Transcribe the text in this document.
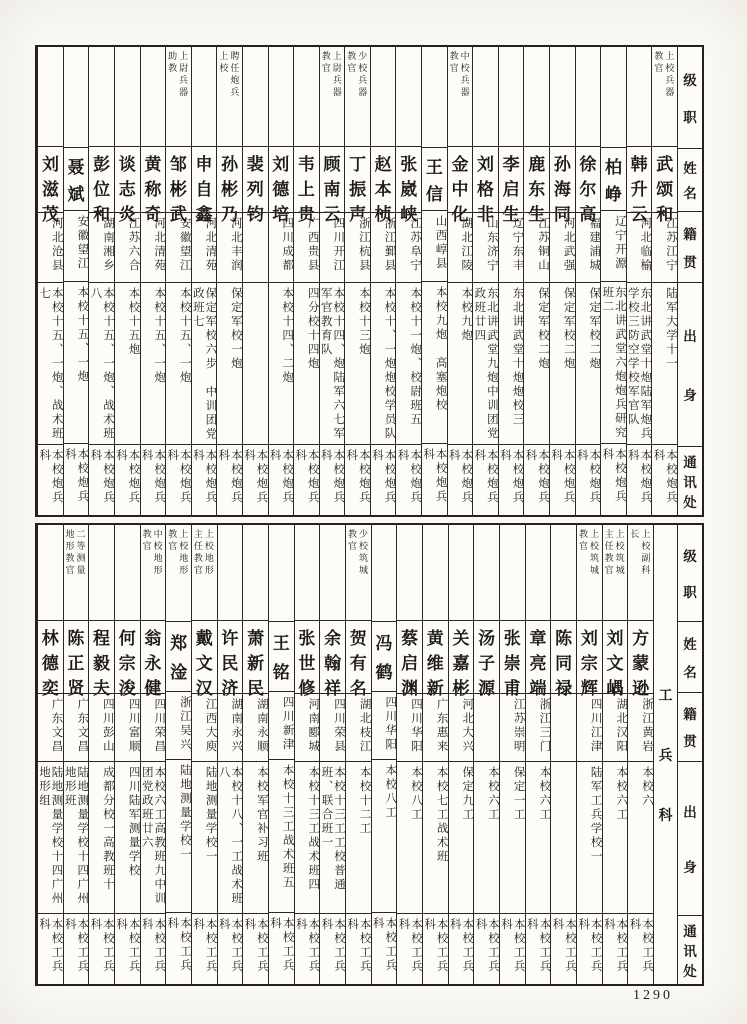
级
职
姓
名
籍
贯
出
身
通
讯
处
上校兵器教官
武
颂
和
江苏江宁
陆军大学十一
本校炮兵科
韩
升
云
河北临榆
东北讲武堂十炮陆军炮兵学校三防空学校军官队
本校炮兵科
柏
峥
辽宁开源
东北讲武堂六炮炮兵研究班二
本校炮兵科
徐
尔
高
福建浦城
保定军校二炮
本校炮兵科
孙
海
同
河北武强
保定军校二炮
本校炮兵科
鹿
东
生
江苏铜山
保定军校二炮
本校炮兵科
李
启
生
辽宁东丰
东北讲武堂十炮炮校三
本校炮兵科
刘
格
非
山东济宁
东北讲武堂九炮中训团党政班廿四
本校炮兵科
中校兵器教官
金
中
化
湖北江陵
本校九炮
本校炮兵科
王
信
山西崞县
本校九炮 高塞炮校
本校炮兵科
张
崴
峡
江苏阜宁
本校十一炮、校尉班五
本校炮兵科
赵
本
桢
浙江鄞县
本校十、一炮炮校学员队
本校炮兵科
少校兵器教官
丁
振
声
浙江杭县
本校十三炮
本校炮兵科
上尉兵器教官
顾
南
云
四川开江
本校十四、炮陆军六七军军官教育队
本校炮兵科
韦
上
贵
广西贵县
四分校十四炮
本校炮兵科
刘
德
培
四川成都
本校十四、二炮
本校炮兵科
裴
列
钧
本校炮兵科
聘任炮兵上校
孙
彬
乃
河北丰润
保定军校一炮
本校炮兵科
申
自
鑫
河北清苑
保定军校六步 中训团党政班七
本校炮兵科
上尉兵器助教
邹
彬
武
安徽望江
本校十五、一炮
本校炮兵科
黄
称
奇
河北清苑
本校十五、一炮
本校炮兵科
谈
志
炎
江苏六合
本校十五炮
本校炮兵科
彭
位
和
湖南湘乡
本校十五、一炮、战术班八
本校炮兵科
聂
斌
安徽望江
本校十五、一炮
本校炮兵科
刘
滋
茂
河北沧县
本校十五、一炮、战术班七
本校炮兵科
级
职
姓
名
籍
贯
出
身
通
讯
处
工
兵
科
上校副科长
方
蒙
逊
浙江黄岩
本校六
本校工兵科
上校筑城主任教官
刘
文
嵎
湖北汉阳
本校六工
本校工兵科
上校筑城教官
刘
宗
辉
四川江津
陆军工兵学校一
本校工兵科
陈
同
禄
本校工兵科
章
亮
端
浙江三门
本校六工
本校工兵科
张
崇
甫
江苏崇明
保定一工
本校工兵科
汤
子
源
本校六工
本校工兵科
关
嘉
彬
河北大兴
保定九工
本校工兵科
黄
维
新
广东惠来
本校七工战术班
本校工兵科
蔡
启
渊
四川华阳
本校八工
本校工兵科
冯
鹤
四川华阳
本校八工
本校工兵科
少校筑城教官
贺
有
名
湖北枝江
本校十二工
本校工兵科
余
翰
祥
四川荣县
本校十三工工校普通班、联合班一
本校工兵科
张
世
修
河南郾城
本校十三工战术班四
本校工兵科
王
铭
四川新津
本校十三工战术班五
本校工兵科
萧
新
民
湖南永顺
本校军官补习班
本校工兵科
许
民
济
湖南永兴
本校十八、一工战术班八
本校工兵科
上校地形主任教官
戴
文
汉
江西大庾
陆地测量学校一
本校工兵科
上校地形教官
郑
淦
浙江吴兴
陆地测量学校一
本校工兵科
中校地形教官
翁
永
健
四川荣昌
本校六工高教班九中训团党政班廿六
本校工兵科
何
宗
浚
四川富顺
四川陆军测量学校
本校工兵科
程
毅
夫
四川彭山
成都分校一高教班十
本校工兵科
二等测量地形教官
陈
正
贤
广东文昌
陆地测量学校十四广州 地形班
本校工兵科
林
德
奕
广东文昌
陆地测量学校十四广州 地形组
本校工兵科
1290
